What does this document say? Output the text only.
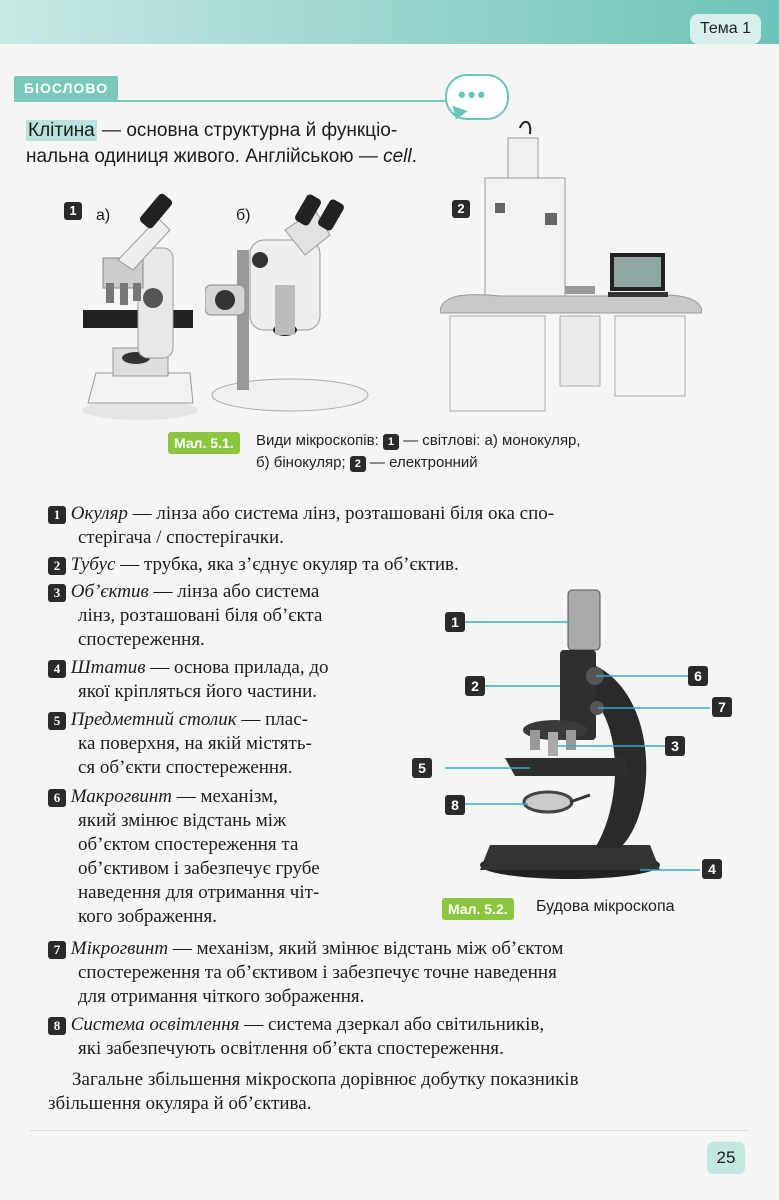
Тема 1
БІОСЛОВО	•••
Клітина — основна структурна й функціо-
нальна одиниця живого. Англійською — cell.
1	а)	б)	2
Мал. 5.1.	Види мікроскопів: 1 — світлові: а) монокуляр,
б) бінокуляр; 2 — електронний
1 Окуляр — лінза або система лінз, розташовані біля ока спо-
стерігача / спостерігачки.
2 Тубус — трубка, яка з’єднує окуляр та об’єктив.
3 Об’єктив — лінза або система
лінз, розташовані біля об’єкта
спостереження.
4 Штатив — основа прилада, до
якої кріпляться його частини.
5 Предметний столик — плас-
ка поверхня, на якій містять-
ся об’єкти спостереження.
6 Макрогвинт — механізм,
який змінює відстань між
об’єктом спостереження та
об’єктивом і забезпечує грубе
наведення для отримання чіт-
кого зображення.
7 Мікрогвинт — механізм, який змінює відстань між об’єктом
спостереження та об’єктивом і забезпечує точне наведення
для отримання чіткого зображення.
8 Система освітлення — система дзеркал або світильників,
які забезпечують освітлення об’єкта спостереження.
1
2
6
7
3
5
8
4
Мал. 5.2.	Будова мікроскопа
Загальне збільшення мікроскопа дорівнює добутку показників
збільшення окуляра й об’єктива.
25
